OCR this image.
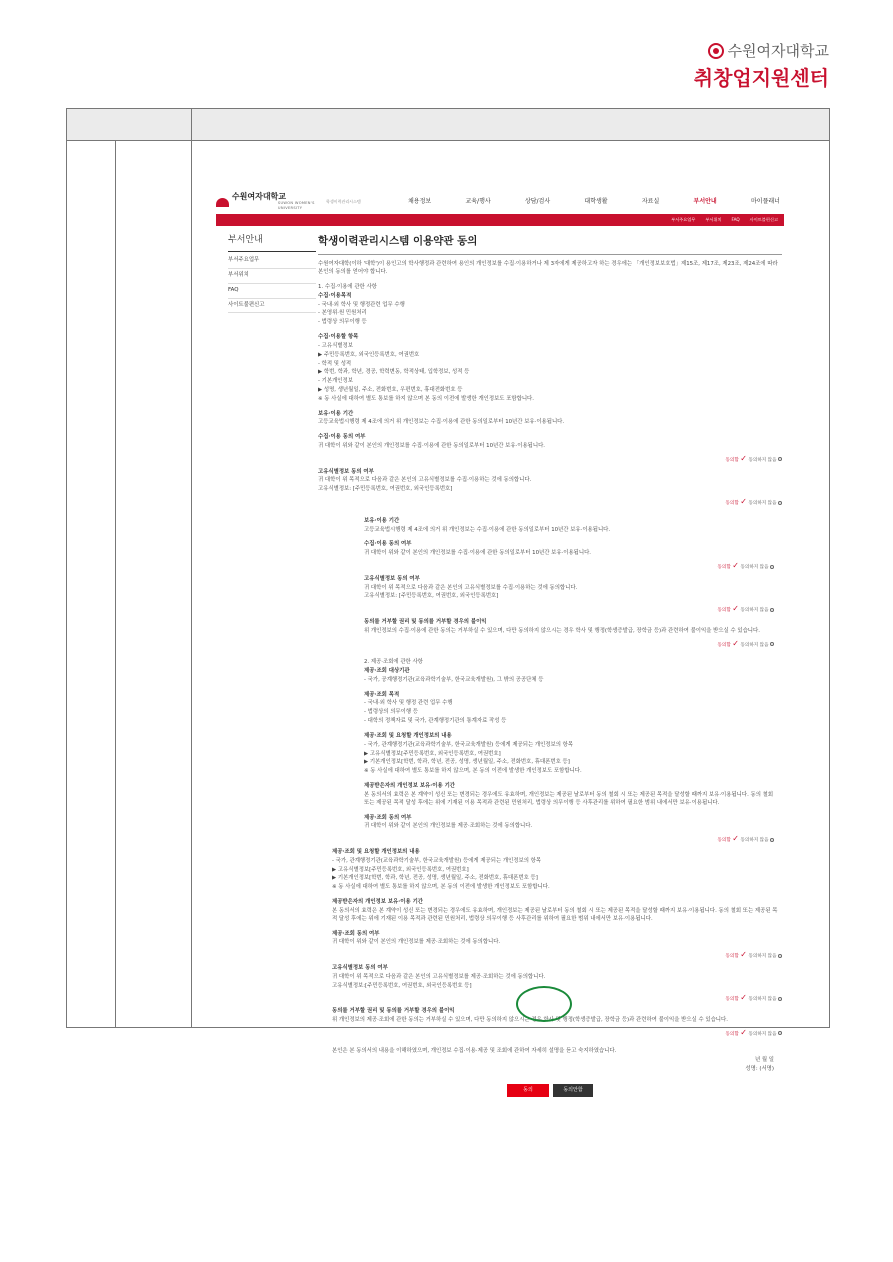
수원여자대학교
취창업지원센터
수원여자대학교
SUWON WOMEN'S UNIVERSITY
학생이력관리시스템	채용정보	교육/행사	상담/검사	대학생활	자료실	부서안내	마이플래너
부서주요업무 부서위치 FAQ 사이트블편신고
부서안내
부서주요업무
부서위치
FAQ
사이트불편신고
학생이력관리시스템 이용약관 동의
수원여자대학(이하 '대학')이 용인고의 학사행정과 관련하여 용인의 개인정보를 수집·이용하거나 제 3자에게 제공하고자 하는 경우에는 「개인정보보호법」제15조, 제17조, 제23조, 제24조에 따라 본인의 동의를 얻어야 합니다.
1. 수집·이용에 관한 사항
수집·이용목적
- 국내·외 학사 및 행정관련 업무 수행
- 본영위·원 민원처리
- 법령상 의무이행 등
수집·이용할 항목
- 고유식별정보
▶ 주민등록번호, 외국인등록번호, 여권번호
- 학적 및 성적
▶ 학번, 학과, 학년, 경공, 학력변동, 학적상태, 입학정보, 성적 등
- 기본개인정보
▶ 성명, 생년월일, 주소, 전화번호, 우편번호, 휴대전화번호 등
※ 동 사실에 대하여 별도 통보를 하지 않으며 본 동의 이전에 발생한 개인정보도 포함합니다.
보유·이용 기간
고등교육법시행령 제 4조에 의거 위 개인정보는 수집·이용에 관한 동의일로부터 10년간 보유·이용됩니다.
수집·이용 동의 여부
귀 대학이 위와 같이 본인의 개인정보를 수집·이용에 관한 동의일로부터 10년간 보유·이용됩니다.
동의함 ✓ 동의하지 않음
고유식별정보 동의 여부
귀 대학이 위 목적으로 다음과 같은 본인의 고유식별정보를 수집·이용하는 것에 동의합니다.
고유식별정보: [주민등록번호, 여권번호, 외국인등록번호]
동의함 ✓ 동의하지 않음
보유·이용 기간
고등교육법시행령 제 4조에 의거 위 개인정보는 수집·이용에 관한 동의일로부터 10년간 보유·이용됩니다.
수집·이용 동의 여부
귀 대학이 위와 같이 본인의 개인정보를 수집·이용에 관한 동의일로부터 10년간 보유·이용됩니다.
동의함 ✓ 동의하지 않음
고유식별정보 동의 여부
귀 대학이 위 목적으로 다음과 같은 본인의 고유식별정보를 수집·이용하는 것에 동의합니다.
고유식별정보: [주민등록번호, 여권번호, 외국인등록번호]
동의함 ✓ 동의하지 않음
동의를 거부할 권리 및 동의를 거부할 경우의 불이익
위 개인정보의 수집·이용에 관한 동의는 거부하실 수 있으며, 다만 동의하지 않으시는 경우 학사 및 행정(학생증발급, 장학금 등)과 관련하여 불이익을 받으실 수 있습니다.
동의함 ✓ 동의하지 않음
2. 제공·조회에 관한 사항
제공·조회 대상기관
- 국가, 공계행정기관(교육과학기술부, 한국교육개발원), 그 밖의 공공단체 등
제공·조회 목적
- 국내·외 학사 및 행정 관련 업무 수행
- 법령상의 의무이행 등
- 대학의 정책자료 및 국가, 관계행정기관의 통계자료 작성 등
제공·조회 및 요청할 개인정보의 내용
- 국가, 관계행정기관(교육과학기술부, 한국교육개발원) 등에게 제공되는 개인정보의 항목
▶ 고유식별정보[주민등록번호, 외국인등록번호, 여권번호]
▶ 기본개인정보[학번, 학과, 학년, 전공, 성명, 생년월일, 주소, 전화번호, 휴대폰번호 등]
※ 동 사실에 대하여 별도 통보를 하지 않으며, 본 동의 이전에 발생한 개인정보도 포함합니다.
제공받은자의 개인정보 보유·이용 기간
본 동의서의 효력은 본 계약이 성신 또는 변경되는 경우에도 유효하며, 개인정보는 제공된 날로부터 동의 철회 시 또는 제공된 목적을 달성할 때까지 보유·이용됩니다. 동의 철회 또는 제공된 목적 달성 후에는 위에 기재된 이용 목적과 관련된 민원처리, 법령상 의무이행 등 사후관리를 위하여 필요한 범위 내에서만 보유·이용됩니다.
제공·조회 동의 여부
귀 대학이 위와 같이 본인의 개인정보를 제공·조회하는 것에 동의합니다.
동의함 ✓ 동의하지 않음
제공·조회 및 요청할 개인정보의 내용
- 국가, 관계행정기관(교육과학기술부, 한국교육개발원) 등에게 제공되는 개인정보의 항목
▶ 고유식별정보[주민등록번호, 외국인등록번호, 여권번호]
▶ 기본개인정보[학번, 학과, 학년, 전공, 성명, 생년월일, 주소, 전화번호, 휴대폰번호 등]
※ 동 사실에 대하여 별도 통보를 하지 않으며, 본 동의 이전에 발생한 개인정보도 포함합니다.
제공받은자의 개인정보 보유·이용 기간
본 동의서의 효력은 본 계약이 성신 또는 변경되는 경우에도 유효하며, 개인정보는 제공된 날로부터 동의 철회 시 또는 제공된 목적을 달성할 때까지 보유·이용됩니다. 동의 철회 또는 제공된 목적 달성 후에는 위에 기재된 이용 목적과 관련된 민원처리, 법령상 의무이행 등 사후관리를 위하여 필요한 범위 내에서만 보유·이용됩니다.
제공·조회 동의 여부
귀 대학이 위와 같이 본인의 개인정보를 제공·조회하는 것에 동의합니다.
동의함 ✓ 동의하지 않음
고유식별정보 동의 여부
귀 대학이 위 목적으로 다음과 같은 본인의 고유식별정보를 제공·조회하는 것에 동의합니다.
고유식별정보:[주민등록번호, 여권번호, 외국인등록번호 등]
동의함 ✓ 동의하지 않음
동의를 거부할 권리 및 동의를 거부할 경우의 불이익
위 개인정보의 제공·조회에 관한 동의는 거부하실 수 있으며, 다만 동의하지 않으시는 경우 학사 및 행정(학생증발급, 장학금 등)과 관련하여 불이익을 받으실 수 있습니다.
동의함 ✓ 동의하지 않음
본인은 본 동의서의 내용을 이해하였으며, 개인정보 수집·이용·제공 및 조회에 관하여 자세히 설명을 듣고 숙지하였습니다.
년 월 일
성명: (서명)
동의	동의안함
